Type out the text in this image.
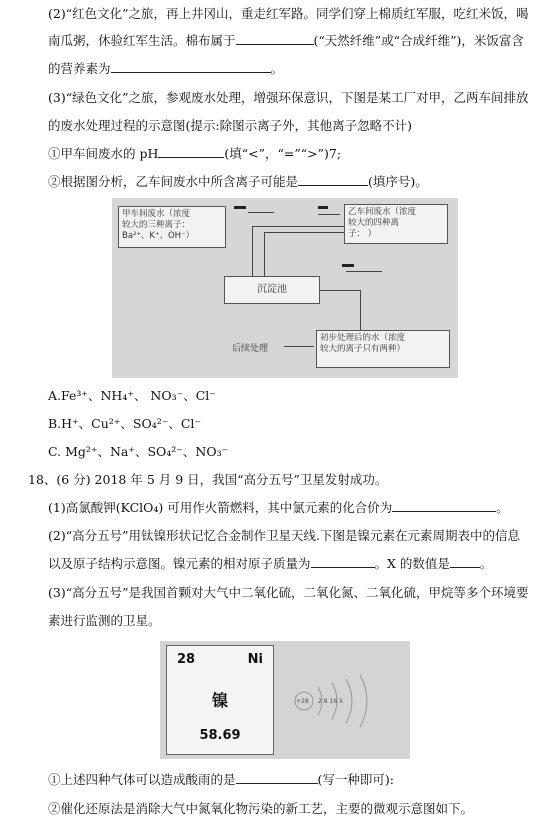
(2)“红色文化”之旅，再上井冈山，重走红军路。同学们穿上棉质红军服，吃红米饭，喝
南瓜粥，休验红军生活。棉布属于	(“天然纤维”或“合成纤维”)，米饭富含
的营养素为	。
(3)“绿色文化”之旅，参观废水处理，增强环保意识，下图是某工厂对甲，乙两车间排放
的废水处理过程的示意图(提示:除图示离子外，其他离子忽略不计)
①甲车间废水的 pH	(填“<”，“=”“>”)7;
②根据图分析，乙车间废水中所含离子可能是	(填序号)。
甲车间废水（浓度
较大的三种离子：
Ba²⁺、K⁺、OH⁻）
乙车间废水（浓度
较大的四种离
子： ）
沉淀池
初步处理后的水（浓度
较大的离子只有两种）
后续处理
A.Fe³⁺、NH₄⁺、 NO₃⁻、Cl⁻
B.H⁺、Cu²⁺、SO₄²⁻、Cl⁻
C. Mg²⁺、Na⁺、SO₄²⁻、NO₃⁻
18、(6 分) 2018 年 5 月 9 日，我国“高分五号”卫星发射成功。
(1)高氯酸钾(KClO₄) 可用作火箭燃料，其中氯元素的化合价为	。
(2)“高分五号”用钛镍形状记忆合金制作卫星天线.下图是镍元素在元素周期表中的信息
以及原子结构示意图。镍元素的相对原子质量为	。X 的数值是 。
(3)“高分五号”是我国首颗对大气中二氧化硫，二氧化氮、二氧化硫，甲烷等多个环境要
素进行监测的卫星。
28	Ni
镍
58.69
+28 2 8 16 X
①上述四种气体可以造成酸雨的是	(写一种即可):
②催化还原法是消除大气中氮氧化物污染的新工艺，主要的微观示意图如下。
